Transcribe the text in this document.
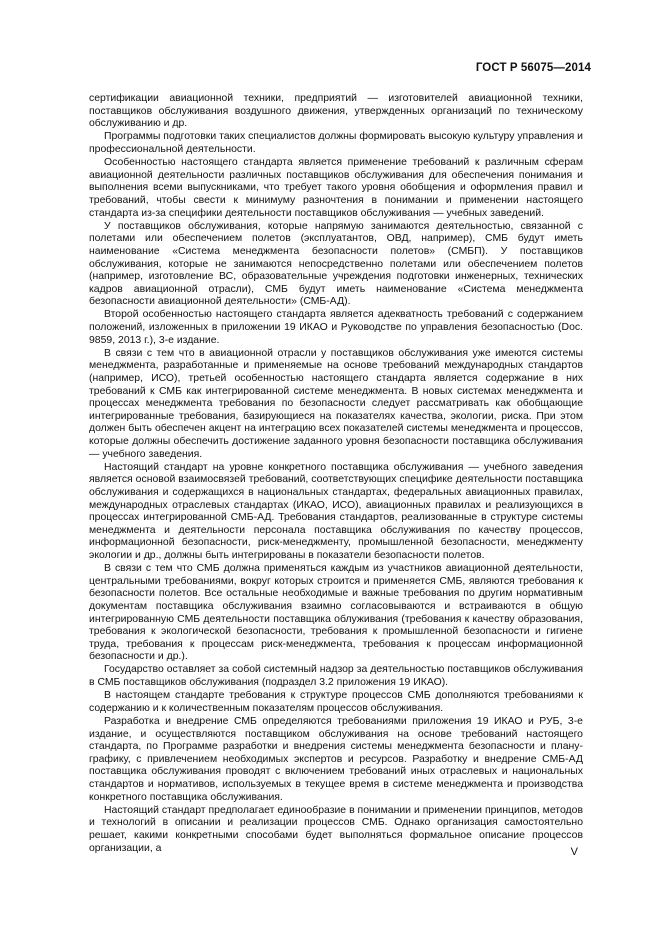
ГОСТ Р 56075—2014

сертификации авиационной техники, предприятий — изготовителей авиационной техники, поставщиков обслуживания воздушного движения, утвержденных организаций по техническому обслуживанию и др.

Программы подготовки таких специалистов должны формировать высокую культуру управления и профессиональной деятельности.

Особенностью настоящего стандарта является применение требований к различным сферам авиационной деятельности различных поставщиков обслуживания для обеспечения понимания и выполнения всеми выпускниками, что требует такого уровня обобщения и оформления правил и требований, чтобы свести к минимуму разночтения в понимании и применении настоящего стандарта из-за специфики деятельности поставщиков обслуживания — учебных заведений.

У поставщиков обслуживания, которые напрямую занимаются деятельностью, связанной с полетами или обеспечением полетов (эксплуатантов, ОВД, например), СМБ будут иметь наименование «Система менеджмента безопасности полетов» (СМБП). У поставщиков обслуживания, которые не занимаются непосредственно полетами или обеспечением полетов (например, изготовление ВС, образовательные учреждения подготовки инженерных, технических кадров авиационной отрасли), СМБ будут иметь наименование «Система менеджмента безопасности авиационной деятельности» (СМБ-АД).

Второй особенностью настоящего стандарта является адекватность требований с содержанием положений, изложенных в приложении 19 ИКАО и Руководстве по управления безопасностью (Doc. 9859, 2013 г.), 3-е издание.

В связи с тем что в авиационной отрасли у поставщиков обслуживания уже имеются системы менеджмента, разработанные и применяемые на основе требований международных стандартов (например, ИСО), третьей особенностью настоящего стандарта является содержание в них требований к СМБ как интегрированной системе менеджмента. В новых системах менеджмента и процессах менеджмента требования по безопасности следует рассматривать как обобщающие интегрированные требования, базирующиеся на показателях качества, экологии, риска. При этом должен быть обеспечен акцент на интеграцию всех показателей системы менеджмента и процессов, которые должны обеспечить достижение заданного уровня безопасности поставщика обслуживания — учебного заведения.

Настоящий стандарт на уровне конкретного поставщика обслуживания — учебного заведения является основой взаимосвязей требований, соответствующих специфике деятельности поставщика обслуживания и содержащихся в национальных стандартах, федеральных авиационных правилах, международных отраслевых стандартах (ИКАО, ИСО), авиационных правилах и реализующихся в процессах интегрированной СМБ-АД. Требования стандартов, реализованные в структуре системы менеджмента и деятельности персонала поставщика обслуживания по качеству процессов, информационной безопасности, риск-менеджменту, промышленной безопасности, менеджменту экологии и др., должны быть интегрированы в показатели безопасности полетов.

В связи с тем что СМБ должна применяться каждым из участников авиационной деятельности, центральными требованиями, вокруг которых строится и применяется СМБ, являются требования к безопасности полетов. Все остальные необходимые и важные требования по другим нормативным документам поставщика обслуживания взаимно согласовываются и встраиваются в общую интегрированную СМБ деятельности поставщика облуживания (требования к качеству образования, требования к экологической безопасности, требования к промышленной безопасности и гигиене труда, требования к процессам риск-менеджмента, требования к процессам информационной безопасности и др.).

Государство оставляет за собой системный надзор за деятельностью поставщиков обслуживания в СМБ поставщиков обслуживания (подраздел 3.2 приложения 19 ИКАО).

В настоящем стандарте требования к структуре процессов СМБ дополняются требованиями к содержанию и к количественным показателям процессов обслуживания.

Разработка и внедрение СМБ определяются требованиями приложения 19 ИКАО и РУБ, 3-е издание, и осуществляются поставщиком обслуживания на основе требований настоящего стандарта, по Программе разработки и внедрения системы менеджмента безопасности и плану-графику, с привлечением необходимых экспертов и ресурсов. Разработку и внедрение СМБ-АД поставщика обслуживания проводят с включением требований иных отраслевых и национальных стандартов и нормативов, используемых в текущее время в системе менеджмента и производства конкретного поставщика обслуживания.

Настоящий стандарт предполагает единообразие в понимании и применении принципов, методов и технологий в описании и реализации процессов СМБ. Однако организация самостоятельно решает, какими конкретными способами будет выполняться формальное описание процессов организации, а	V
